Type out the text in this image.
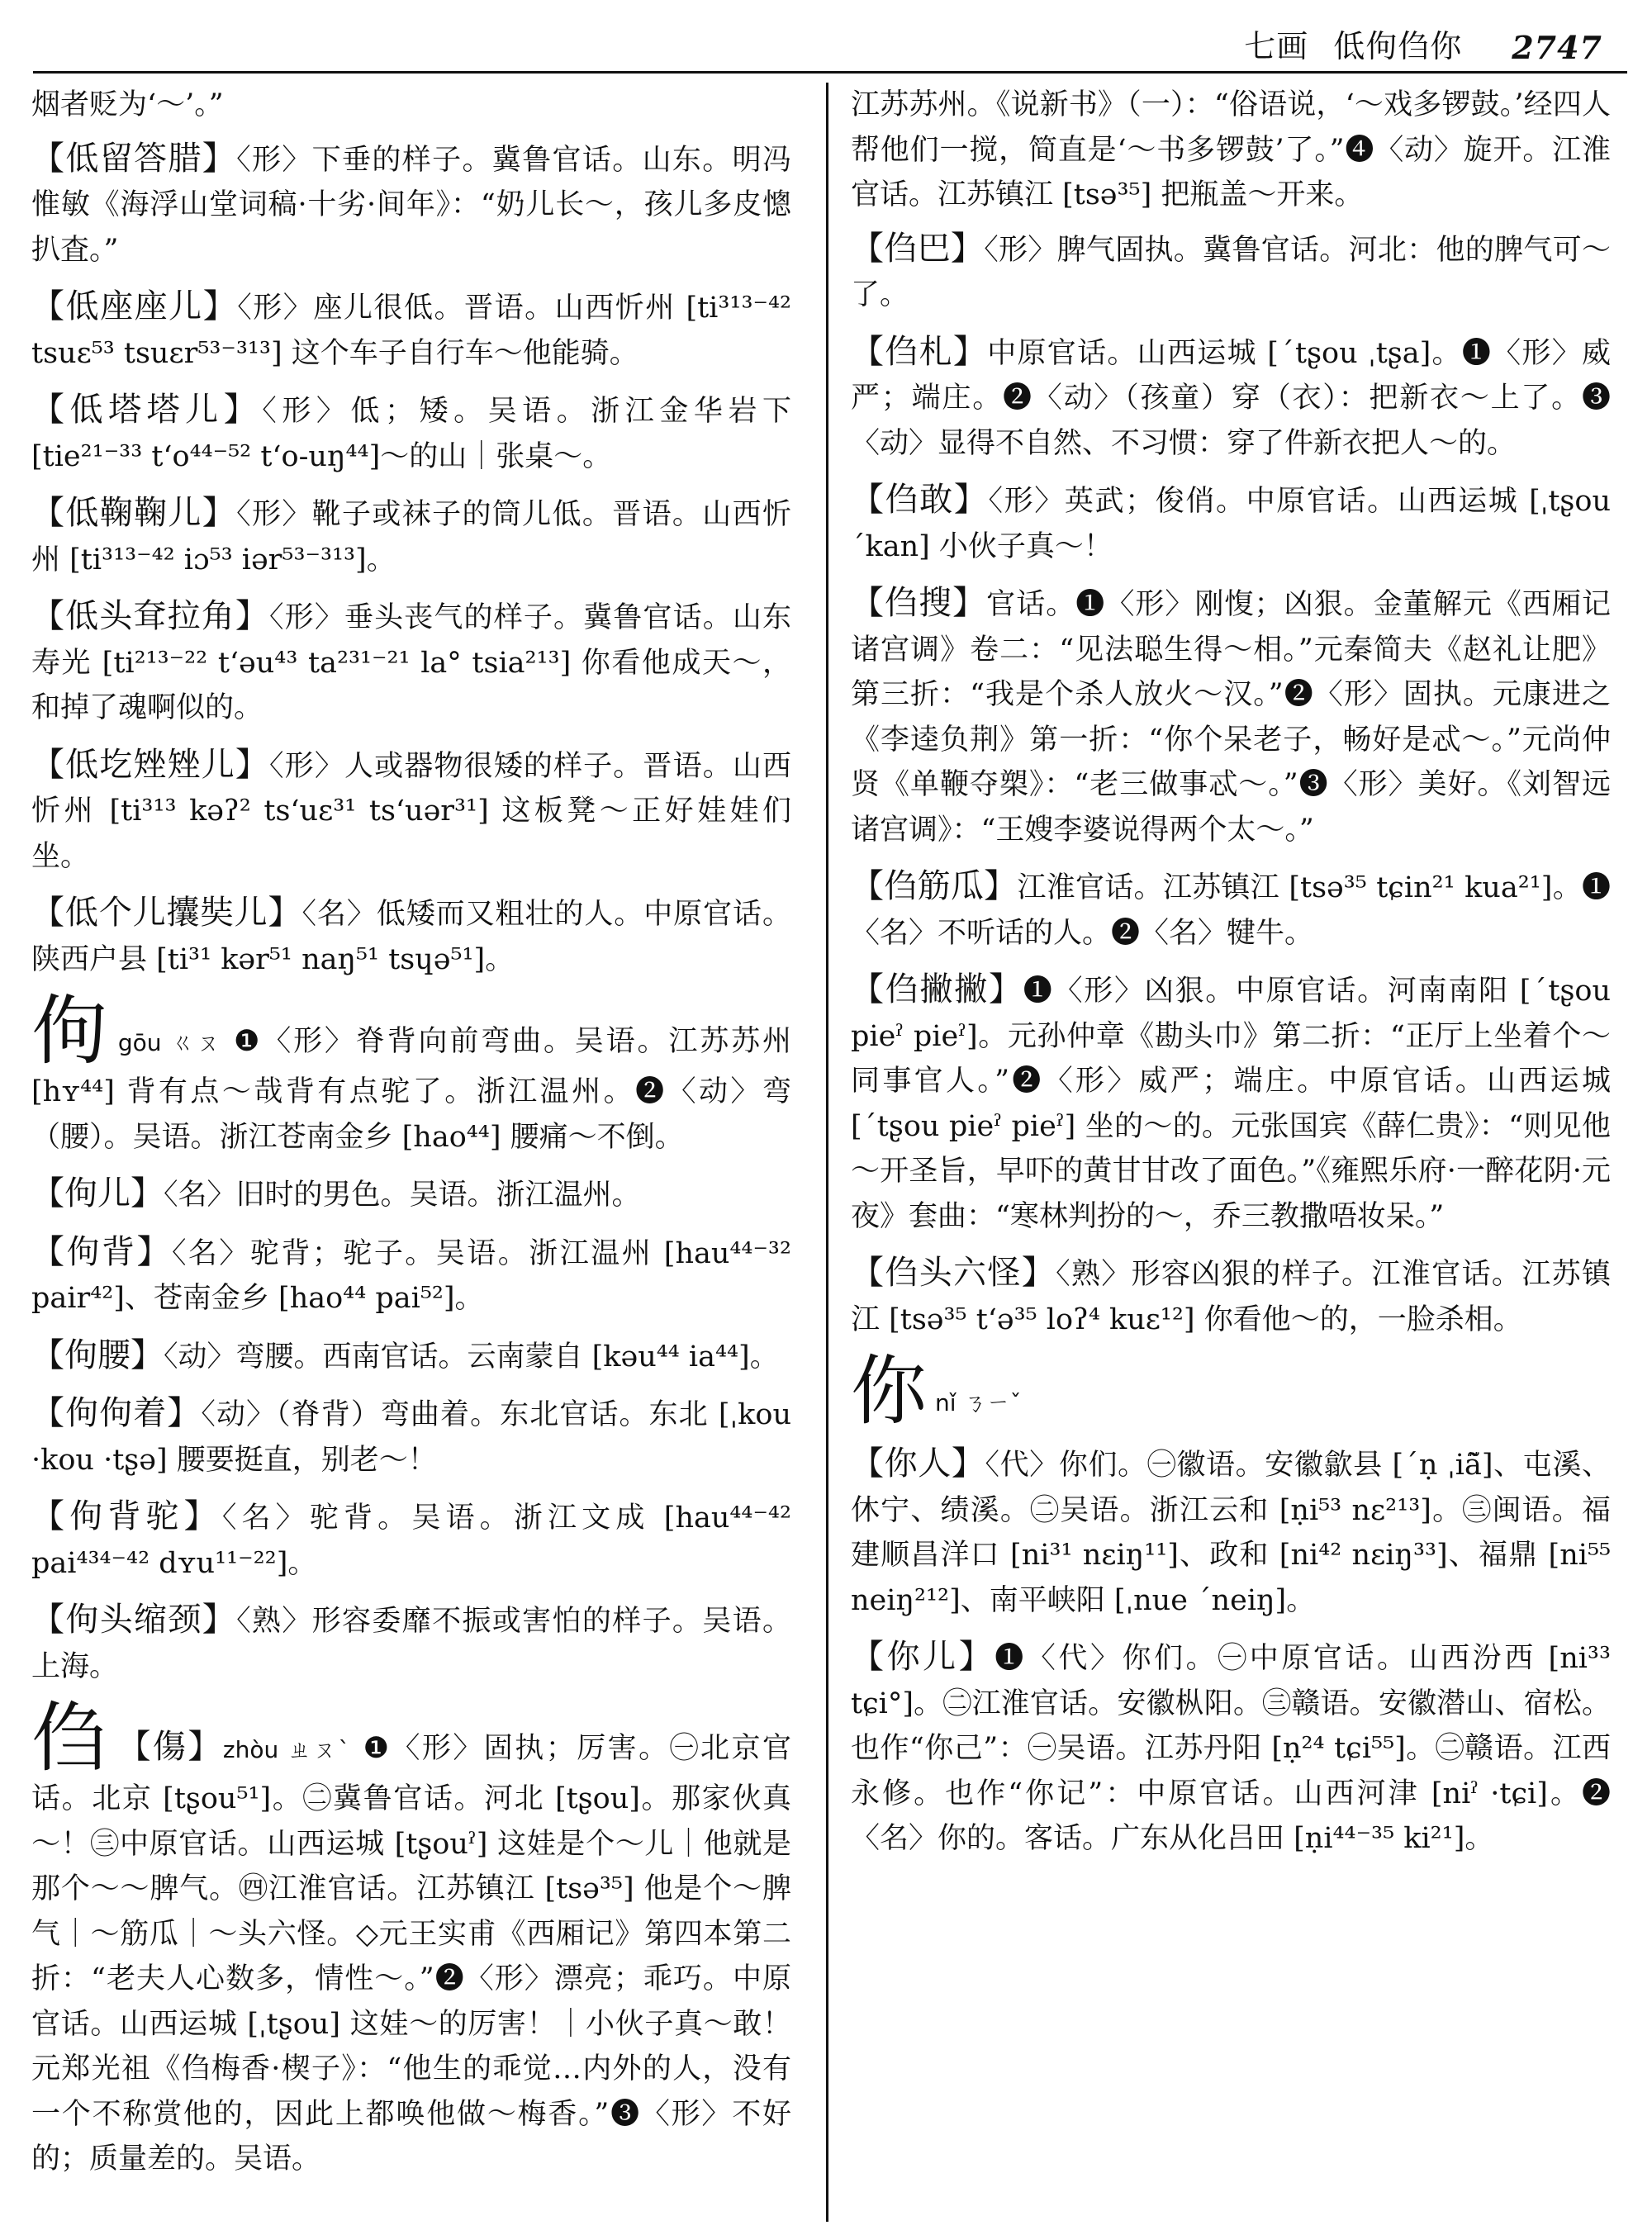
七画 低佝㑇你 2747

烟者贬为‘～’。”

【低留答腊】〈形〉下垂的样子。冀鲁官话。山东。明冯惟敏《海浮山堂词稿·十劣·间年》：“奶儿长～，孩儿多皮憁扒査。”

【低座座儿】〈形〉座儿很低。晋语。山西忻州 [ti³¹³⁻⁴² tsuɛ⁵³ tsuɛr⁵³⁻³¹³] 这个车子自行车～他能骑。

【低塔塔儿】〈形〉低；矮。吴语。浙江金华岩下 [tie²¹⁻³³ tʻo⁴⁴⁻⁵² tʻo-uŋ⁴⁴]～的山｜张桌～。

【低鞠鞠儿】〈形〉靴子或袜子的筒儿低。晋语。山西忻州 [ti³¹³⁻⁴² iɔ⁵³ iər⁵³⁻³¹³]。

【低头耷拉角】〈形〉垂头丧气的样子。冀鲁官话。山东寿光 [ti²¹³⁻²² tʻəu⁴³ ta²³¹⁻²¹ la° tsia²¹³] 你看他成天～，和掉了魂啊似的。

【低圪矬矬儿】〈形〉人或器物很矮的样子。晋语。山西忻州 [ti³¹³ kəʔ² tsʻuɛ³¹ tsʻuər³¹] 这板凳～正好娃娃们坐。

【低个儿攮奘儿】〈名〉低矮而又粗壮的人。中原官话。陕西户县 [ti³¹ kər⁵¹ naŋ⁵¹ tsɥə⁵¹]。

佝gōu ㄍㄡ ❶〈形〉脊背向前弯曲。吴语。江苏苏州 [hʏ⁴⁴] 背有点～哉背有点驼了。浙江温州。❷〈动〉弯（腰）。吴语。浙江苍南金乡 [hao⁴⁴] 腰痛～不倒。

【佝儿】〈名〉旧时的男色。吴语。浙江温州。

【佝背】〈名〉驼背；驼子。吴语。浙江温州 [hau⁴⁴⁻³² pair⁴²]、苍南金乡 [hao⁴⁴ pai⁵²]。

【佝腰】〈动〉弯腰。西南官话。云南蒙自 [kəu⁴⁴ ia⁴⁴]。

【佝佝着】〈动〉（脊背）弯曲着。东北官话。东北 [ˌkou ·kou ·tʂə] 腰要挺直，别老～！

【佝背驼】〈名〉驼背。吴语。浙江文成 [hau⁴⁴⁻⁴² pai⁴³⁴⁻⁴² dʏu¹¹⁻²²]。

【佝头缩颈】〈熟〉形容委靡不振或害怕的样子。吴语。上海。

㑇 【傷】zhòu ㄓㄡˋ ❶〈形〉固执；厉害。㊀北京官话。北京 [tʂou⁵¹]。㊁冀鲁官话。河北 [tʂou]。那家伙真～！㊂中原官话。山西运城 [tʂouˀ] 这娃是个～儿｜他就是那个～～脾气。㊃江淮官话。江苏镇江 [tsə³⁵] 他是个～脾气｜～筋瓜｜～头六怪。◇元王实甫《西厢记》第四本第二折：“老夫人心数多，情性～。”❷〈形〉漂亮；乖巧。中原官话。山西运城 [ˌtʂou] 这娃～的厉害！｜小伙子真～敢！元郑光祖《㑇梅香·楔子》：“他生的乖觉…内外的人，没有一个不称赏他的，因此上都唤他做～梅香。”❸〈形〉不好的；质量差的。吴语。

江苏苏州。《说新书》（一）：“俗语说，‘～戏多锣鼓。’经四人帮他们一搅，简直是‘～书多锣鼓’了。”❹〈动〉旋开。江淮官话。江苏镇江 [tsə³⁵] 把瓶盖～开来。

【㑇巴】〈形〉脾气固执。冀鲁官话。河北：他的脾气可～了。

【㑇札】中原官话。山西运城 [ˊtʂou ˌtʂa]。❶〈形〉威严；端庄。❷〈动〉（孩童）穿（衣）：把新衣～上了。❸〈动〉显得不自然、不习惯：穿了件新衣把人～的。

【㑇敢】〈形〉英武；俊俏。中原官话。山西运城 [ˌtʂou ˊkan] 小伙子真～！

【㑇搜】官话。❶〈形〉刚愎；凶狠。金董解元《西厢记诸宫调》卷二：“见法聪生得～相。”元秦简夫《赵礼让肥》第三折：“我是个杀人放火～汉。”❷〈形〉固执。元康进之《李逵负荆》第一折：“你个呆老子，畅好是忒～。”元尚仲贤《单鞭夺槊》：“老三做事忒～。”❸〈形〉美好。《刘智远诸宫调》：“王嫂李婆说得两个太～。”

【㑇筋瓜】江淮官话。江苏镇江 [tsə³⁵ tɕin²¹ kua²¹]。❶〈名〉不听话的人。❷〈名〉犍牛。

【㑇撇撇】❶〈形〉凶狠。中原官话。河南南阳 [ˊtʂou pieˀ pieˀ]。元孙仲章《勘头巾》第二折：“正厅上坐着个～同事官人。”❷〈形〉威严；端庄。中原官话。山西运城 [ˊtʂou pieˀ pieˀ] 坐的～的。元张国宾《薛仁贵》：“则见他～开圣旨，早吓的黄甘甘改了面色。”《雍熙乐府·一醉花阴·元夜》套曲：“寒林判扮的～，乔三教撒唔妆呆。”

【㑇头六怪】〈熟〉形容凶狠的样子。江淮官话。江苏镇江 [tsə³⁵ tʻə³⁵ loʔ⁴ kuɛ¹²] 你看他～的，一脸杀相。

你nǐ ㄋㄧˇ

【你人】〈代〉你们。㊀徽语。安徽歙县 [ˊṇ ˌiã̃]、屯溪、休宁、绩溪。㊁吴语。浙江云和 [ṇi⁵³ nɛ²¹³]。㊂闽语。福建顺昌洋口 [ni³¹ nɛiŋ¹¹]、政和 [ni⁴² nɛiŋ³³]、福鼎 [ni⁵⁵ neiŋ²¹²]、南平峡阳 [ˌnue ˊneiŋ]。

【你儿】❶〈代〉你们。㊀中原官话。山西汾西 [ni³³ tɕi°]。㊁江淮官话。安徽枞阳。㊂赣语。安徽潜山、宿松。也作“你己”：㊀吴语。江苏丹阳 [ṇ²⁴ tɕi⁵⁵]。㊁赣语。江西永修。也作“你记”：中原官话。山西河津 [niˀ ·tɕi]。❷〈名〉你的。客话。广东从化吕田 [ṇi⁴⁴⁻³⁵ ki²¹]。
